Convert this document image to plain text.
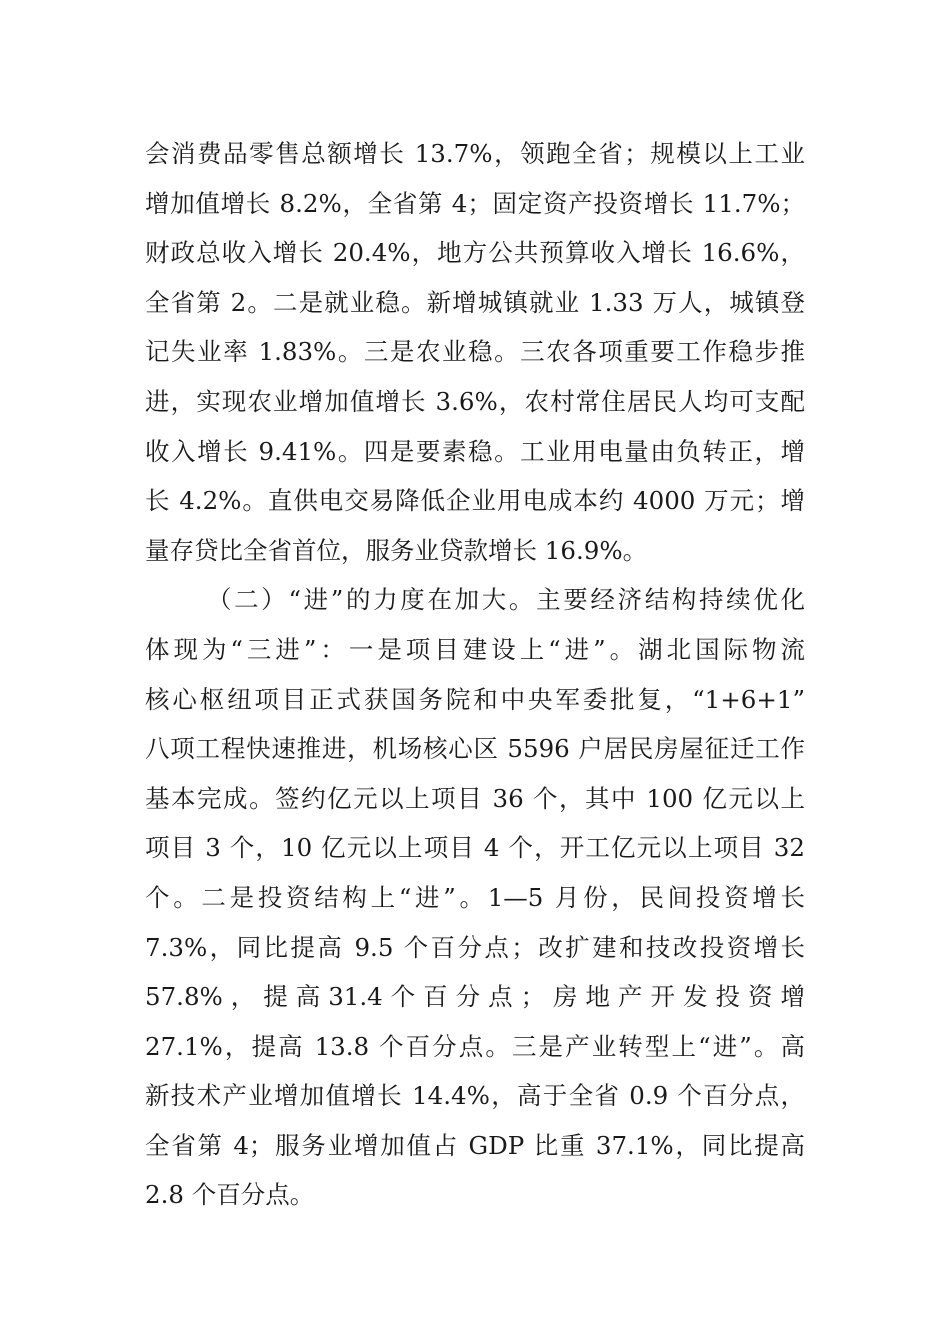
会消费品零售总额增长 13.7%，领跑全省；规模以上工业
增加值增长 8.2%，全省第 4；固定资产投资增长 11.7%；
财政总收入增长 20.4%，地方公共预算收入增长 16.6%，
全省第 2。二是就业稳。新增城镇就业 1.33 万人，城镇登
记失业率 1.83%。三是农业稳。三农各项重要工作稳步推
进，实现农业增加值增长 3.6%，农村常住居民人均可支配
收入增长 9.41%。四是要素稳。工业用电量由负转正，增
长 4.2%。直供电交易降低企业用电成本约 4000 万元；增
量存贷比全省首位，服务业贷款增长 16.9%。
（二）“进”的力度在加大。主要经济结构持续优化
体现为“三进”：一是项目建设上“进”。湖北国际物流
核心枢纽项目正式获国务院和中央军委批复，“1+6+1”
八项工程快速推进，机场核心区 5596 户居民房屋征迁工作
基本完成。签约亿元以上项目 36 个，其中 100 亿元以上
项目 3 个，10 亿元以上项目 4 个，开工亿元以上项目 32
个。二是投资结构上“进”。1—5 月份，民间投资增长
7.3%，同比提高 9.5 个百分点；改扩建和技改投资增长
57.8% ， 提 高 31.4 个 百 分 点 ； 房 地 产 开 发 投 资 增
27.1%，提高 13.8 个百分点。三是产业转型上“进”。高
新技术产业增加值增长 14.4%，高于全省 0.9 个百分点，
全省第 4；服务业增加值占 GDP 比重 37.1%，同比提高
2.8 个百分点。
